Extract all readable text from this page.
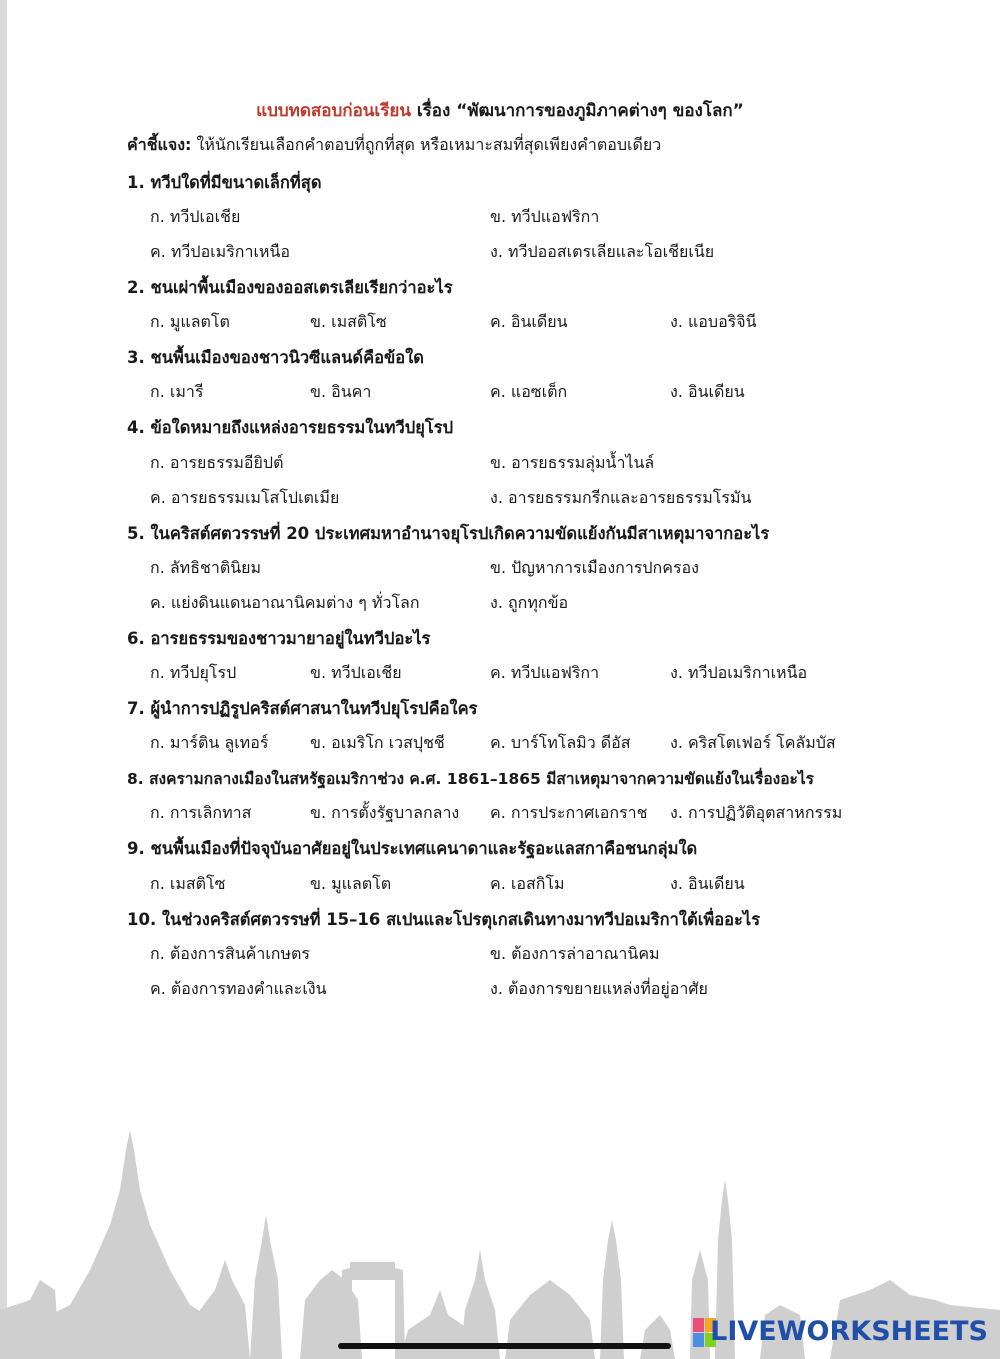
แบบทดสอบก่อนเรียน เรื่อง “พัฒนาการของภูมิภาคต่างๆ ของโลก”
คำชี้แจง: ให้นักเรียนเลือกคำตอบที่ถูกที่สุด หรือเหมาะสมที่สุดเพียงคำตอบเดียว
1. ทวีปใดที่มีขนาดเล็กที่สุด
ก. ทวีปเอเชีย	ข. ทวีปแอฟริกา
ค. ทวีปอเมริกาเหนือ	ง. ทวีปออสเตรเลียและโอเชียเนีย
2. ชนเผ่าพื้นเมืองของออสเตรเลียเรียกว่าอะไร
ก. มูแลตโต	ข. เมสติโซ	ค. อินเดียน	ง. แอบอริจินี
3. ชนพื้นเมืองของชาวนิวซีแลนด์คือข้อใด
ก. เมารี	ข. อินคา	ค. แอซเต็ก	ง. อินเดียน
4. ข้อใดหมายถึงแหล่งอารยธรรมในทวีปยุโรป
ก. อารยธรรมอียิปต์	ข. อารยธรรมลุ่มน้ำไนล์
ค. อารยธรรมเมโสโปเตเมีย	ง. อารยธรรมกรีกและอารยธรรมโรมัน
5. ในคริสต์ศตวรรษที่ 20 ประเทศมหาอำนาจยุโรปเกิดความขัดแย้งกันมีสาเหตุมาจากอะไร
ก. ลัทธิชาตินิยม	ข. ปัญหาการเมืองการปกครอง
ค. แย่งดินแดนอาณานิคมต่าง ๆ ทั่วโลก	ง. ถูกทุกข้อ
6. อารยธรรมของชาวมายาอยู่ในทวีปอะไร
ก. ทวีปยุโรป	ข. ทวีปเอเชีย	ค. ทวีปแอฟริกา	ง. ทวีปอเมริกาเหนือ
7. ผู้นำการปฏิรูปคริสต์ศาสนาในทวีปยุโรปคือใคร
ก. มาร์ติน ลูเทอร์	ข. อเมริโก เวสปุชชี	ค. บาร์โทโลมิว ดีอัส ง. คริสโตเฟอร์ โคลัมบัส
8. สงครามกลางเมืองในสหรัฐอเมริกาช่วง ค.ศ. 1861–1865 มีสาเหตุมาจากความขัดแย้งในเรื่องอะไร
ก. การเลิกทาส	ข. การตั้งรัฐบาลกลาง ค. การประกาศเอกราช ง. การปฏิวัติอุตสาหกรรม
9. ชนพื้นเมืองที่ปัจจุบันอาศัยอยู่ในประเทศแคนาดาและรัฐอะแลสกาคือชนกลุ่มใด
ก. เมสติโซ	ข. มูแลตโต	ค. เอสกิโม	ง. อินเดียน
10. ในช่วงคริสต์ศตวรรษที่ 15–16 สเปนและโปรตุเกสเดินทางมาทวีปอเมริกาใต้เพื่ออะไร
ก. ต้องการสินค้าเกษตร	ข. ต้องการล่าอาณานิคม
ค. ต้องการทองคำและเงิน	ง. ต้องการขยายแหล่งที่อยู่อาศัย
LIVEWORKSHEETS
